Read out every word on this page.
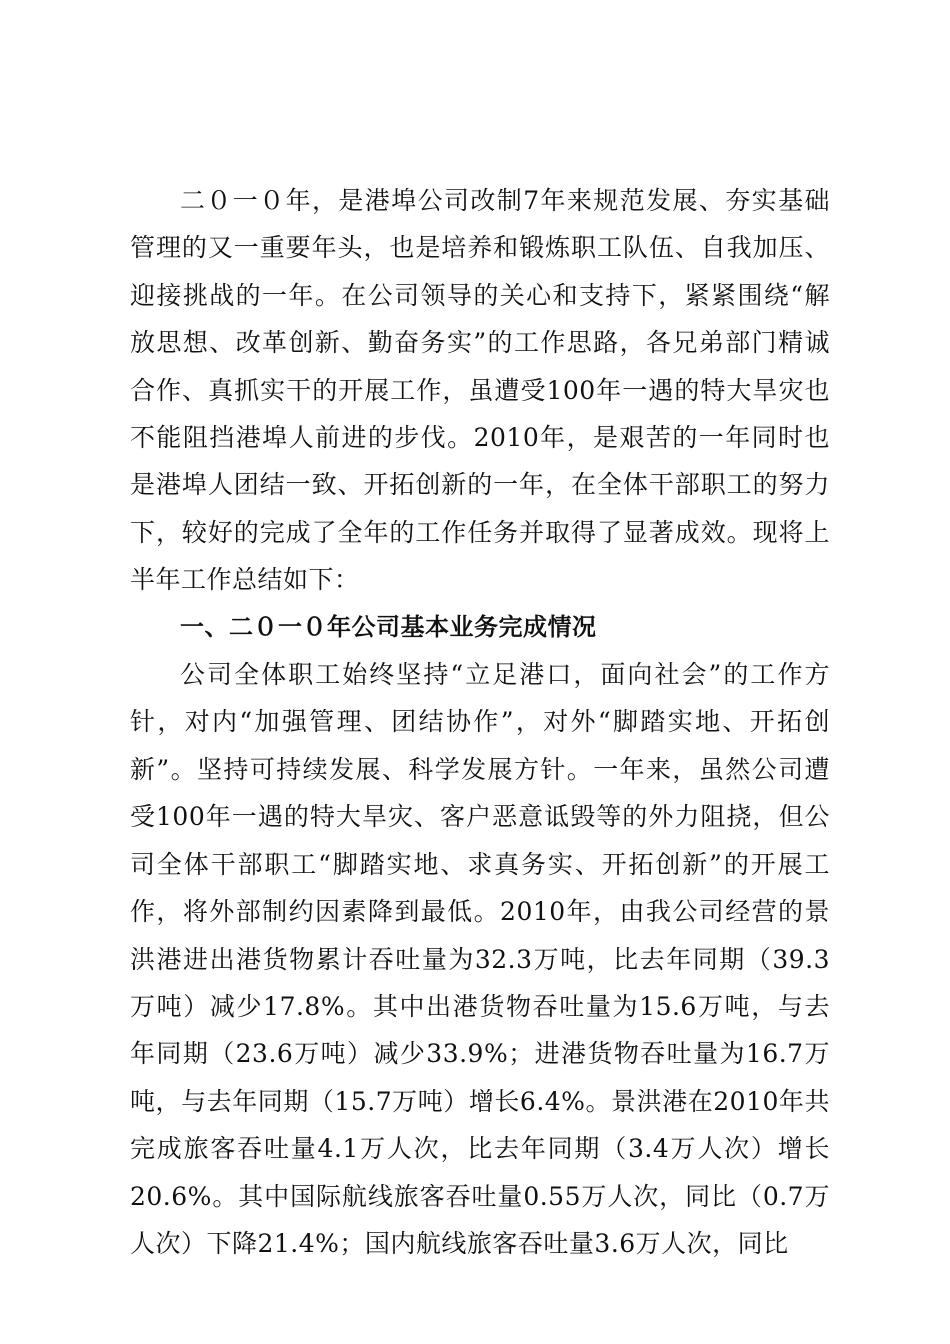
二０一０年，是港埠公司改制7年来规范发展、夯实基础管理的又一重要年头，也是培养和锻炼职工队伍、自我加压、迎接挑战的一年。在公司领导的关心和支持下，紧紧围绕“解放思想、改革创新、勤奋务实”的工作思路，各兄弟部门精诚合作、真抓实干的开展工作，虽遭受100年一遇的特大旱灾也不能阻挡港埠人前进的步伐。2010年，是艰苦的一年同时也是港埠人团结一致、开拓创新的一年，在全体干部职工的努力下，较好的完成了全年的工作任务并取得了显著成效。现将上半年工作总结如下：

一、二０一０年公司基本业务完成情况

公司全体职工始终坚持“立足港口，面向社会”的工作方针，对内“加强管理、团结协作”，对外“脚踏实地、开拓创新”。坚持可持续发展、科学发展方针。一年来，虽然公司遭受100年一遇的特大旱灾、客户恶意诋毁等的外力阻挠，但公司全体干部职工“脚踏实地、求真务实、开拓创新”的开展工作，将外部制约因素降到最低。2010年，由我公司经营的景洪港进出港货物累计吞吐量为32.3万吨，比去年同期（39.3万吨）减少17.8%。其中出港货物吞吐量为15.6万吨，与去年同期（23.6万吨）减少33.9%；进港货物吞吐量为16.7万吨，与去年同期（15.7万吨）增长6.4%。景洪港在2010年共完成旅客吞吐量4.1万人次，比去年同期（3.4万人次）增长20.6%。其中国际航线旅客吞吐量0.55万人次，同比（0.7万人次）下降21.4%；国内航线旅客吞吐量3.6万人次，同比
